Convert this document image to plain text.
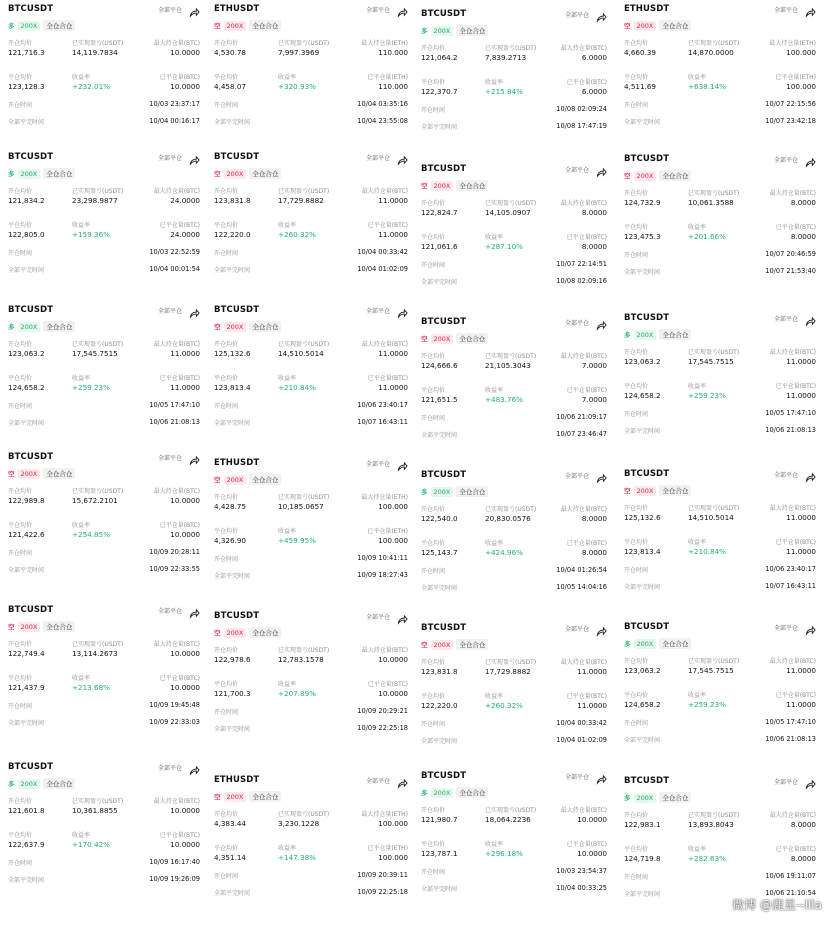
BTCUSDT	全部平仓
多 200X	全仓合仓
开仓均价	已实现盈亏(USDT)	最大持仓量(BTC)
121,716.3	14,119.7834	10.0000
平仓均价	收益率	已平仓量(BTC)
123,128.3	+232.01%	10.0000
开仓时间	10/03 23:37:17
全部平完时间	10/04 00:16:17
BTCUSDT	全部平仓
多 200X	全仓合仓
开仓均价	已实现盈亏(USDT)	最大持仓量(BTC)
121,834.2	23,298.9877	24.0000
平仓均价	收益率	已平仓量(BTC)
122,805.0	+159.36%	24.0000
开仓时间	10/03 22:52:59
全部平完时间	10/04 00:01:54
BTCUSDT	全部平仓
多 200X	全仓合仓
开仓均价	已实现盈亏(USDT)	最大持仓量(BTC)
123,063.2	17,545.7515	11.0000
平仓均价	收益率	已平仓量(BTC)
124,658.2	+259.23%	11.0000
开仓时间	10/05 17:47:10
全部平完时间	10/06 21:08:13
BTCUSDT	全部平仓
空 200X	全仓合仓
开仓均价	已实现盈亏(USDT)	最大持仓量(BTC)
122,989.8	15,672.2101	10.0000
平仓均价	收益率	已平仓量(BTC)
121,422.6	+254.85%	10.0000
开仓时间	10/09 20:28:11
全部平完时间	10/09 22:33:55
BTCUSDT	全部平仓
空 200X	全仓合仓
开仓均价	已实现盈亏(USDT)	最大持仓量(BTC)
122,749.4	13,114.2673	10.0000
平仓均价	收益率	已平仓量(BTC)
121,437.9	+213.68%	10.0000
开仓时间	10/09 19:45:48
全部平完时间	10/09 22:33:03
BTCUSDT	全部平仓
多 200X	全仓合仓
开仓均价	已实现盈亏(USDT)	最大持仓量(BTC)
121,601.8	10,361.8855	10.0000
平仓均价	收益率	已平仓量(BTC)
122,637.9	+170.42%	10.0000
开仓时间	10/09 16:17:40
全部平完时间	10/09 19:26:09
ETHUSDT	全部平仓
空 200X	全仓合仓
开仓均价	已实现盈亏(USDT)	最大持仓量(ETH)
4,530.78	7,997.3969	110.000
平仓均价	收益率	已平仓量(ETH)
4,458.07	+320.93%	110.000
开仓时间	10/04 03:35:16
全部平完时间	10/04 23:55:08
BTCUSDT	全部平仓
空 200X	全仓合仓
开仓均价	已实现盈亏(USDT)	最大持仓量(BTC)
123,831.8	17,729.8882	11.0000
平仓均价	收益率	已平仓量(BTC)
122,220.0	+260.32%	11.0000
开仓时间	10/04 00:33:42
全部平完时间	10/04 01:02:09
BTCUSDT	全部平仓
空 200X	全仓合仓
开仓均价	已实现盈亏(USDT)	最大持仓量(BTC)
125,132.6	14,510.5014	11.0000
平仓均价	收益率	已平仓量(BTC)
123,813.4	+210.84%	11.0000
开仓时间	10/06 23:40:17
全部平完时间	10/07 16:43:11
ETHUSDT	全部平仓
空 200X	全仓合仓
开仓均价	已实现盈亏(USDT)	最大持仓量(ETH)
4,428.75	10,185.0657	100.000
平仓均价	收益率	已平仓量(ETH)
4,326.90	+459.95%	100.000
开仓时间	10/09 10:41:11
全部平完时间	10/09 18:27:43
BTCUSDT	全部平仓
空 200X	全仓合仓
开仓均价	已实现盈亏(USDT)	最大持仓量(BTC)
122,978.6	12,783.1578	10.0000
平仓均价	收益率	已平仓量(BTC)
121,700.3	+207.89%	10.0000
开仓时间	10/09 20:29:21
全部平完时间	10/09 22:25:18
ETHUSDT	全部平仓
空 200X	全仓合仓
开仓均价	已实现盈亏(USDT)	最大持仓量(ETH)
4,383.44	3,230.1228	100.000
平仓均价	收益率	已平仓量(ETH)
4,351.14	+147.38%	100.000
开仓时间	10/09 20:39:11
全部平完时间	10/09 22:25:18
BTCUSDT	全部平仓
多 200X	全仓合仓
开仓均价	已实现盈亏(USDT)	最大持仓量(BTC)
121,064.2	7,839.2713	6.0000
平仓均价	收益率	已平仓量(BTC)
122,370.7	+215.84%	6.0000
开仓时间	10/08 02:09:24
全部平完时间	10/08 17:47:19
BTCUSDT	全部平仓
空 200X	全仓合仓
开仓均价	已实现盈亏(USDT)	最大持仓量(BTC)
122,824.7	14,105.0907	8.0000
平仓均价	收益率	已平仓量(BTC)
121,061.6	+287.10%	8.0000
开仓时间	10/07 22:14:51
全部平完时间	10/08 02:09:16
BTCUSDT	全部平仓
空 200X	全仓合仓
开仓均价	已实现盈亏(USDT)	最大持仓量(BTC)
124,666.6	21,105.3043	7.0000
平仓均价	收益率	已平仓量(BTC)
121,651.5	+483.76%	7.0000
开仓时间	10/06 21:09:17
全部平完时间	10/07 23:46:47
BTCUSDT	全部平仓
多 200X	全仓合仓
开仓均价	已实现盈亏(USDT)	最大持仓量(BTC)
122,540.0	20,830.0576	8.0000
平仓均价	收益率	已平仓量(BTC)
125,143.7	+424.96%	8.0000
开仓时间	10/04 01:26:54
全部平完时间	10/05 14:04:16
BTCUSDT	全部平仓
空 200X	全仓合仓
开仓均价	已实现盈亏(USDT)	最大持仓量(BTC)
123,831.8	17,729.8882	11.0000
平仓均价	收益率	已平仓量(BTC)
122,220.0	+260.32%	11.0000
开仓时间	10/04 00:33:42
全部平完时间	10/04 01:02:09
BTCUSDT	全部平仓
多 200X	全仓合仓
开仓均价	已实现盈亏(USDT)	最大持仓量(BTC)
121,980.7	18,064.2236	10.0000
平仓均价	收益率	已平仓量(BTC)
123,787.1	+296.18%	10.0000
开仓时间	10/03 23:54:37
全部平完时间	10/04 00:33:25
ETHUSDT	全部平仓
空 200X	全仓合仓
开仓均价	已实现盈亏(USDT)	最大持仓量(ETH)
4,660.39	14,870.0000	100.000
平仓均价	收益率	已平仓量(ETH)
4,511.69	+638.14%	100.000
开仓时间	10/07 22:15:56
全部平完时间	10/07 23:42:18
BTCUSDT	全部平仓
空 200X	全仓合仓
开仓均价	已实现盈亏(USDT)	最大持仓量(BTC)
124,732.9	10,061.3588	8.0000
平仓均价	收益率	已平仓量(BTC)
123,475.3	+201.66%	8.0000
开仓时间	10/07 20:46:59
全部平完时间	10/07 21:53:40
BTCUSDT	全部平仓
多 200X	全仓合仓
开仓均价	已实现盈亏(USDT)	最大持仓量(BTC)
123,063.2	17,545.7515	11.0000
平仓均价	收益率	已平仓量(BTC)
124,658.2	+259.23%	11.0000
开仓时间	10/05 17:47:10
全部平完时间	10/06 21:08:13
BTCUSDT	全部平仓
空 200X	全仓合仓
开仓均价	已实现盈亏(USDT)	最大持仓量(BTC)
125,132.6	14,510.5014	11.0000
平仓均价	收益率	已平仓量(BTC)
123,813.4	+210.84%	11.0000
开仓时间	10/06 23:40:17
全部平完时间	10/07 16:43:11
BTCUSDT	全部平仓
多 200X	全仓合仓
开仓均价	已实现盈亏(USDT)	最大持仓量(BTC)
123,063.2	17,545.7515	11.0000
平仓均价	收益率	已平仓量(BTC)
124,658.2	+259.23%	11.0000
开仓时间	10/05 17:47:10
全部平完时间	10/06 21:08:13
BTCUSDT	全部平仓
多 200X	全仓合仓
开仓均价	已实现盈亏(USDT)	最大持仓量(BTC)
122,983.1	13,893.8043	8.0000
平仓均价	收益率	已平仓量(BTC)
124,719.8	+282.63%	8.0000
开仓时间	10/06 19:11:07
全部平完时间	10/06 21:10:54
微博 @鹿星--lila
